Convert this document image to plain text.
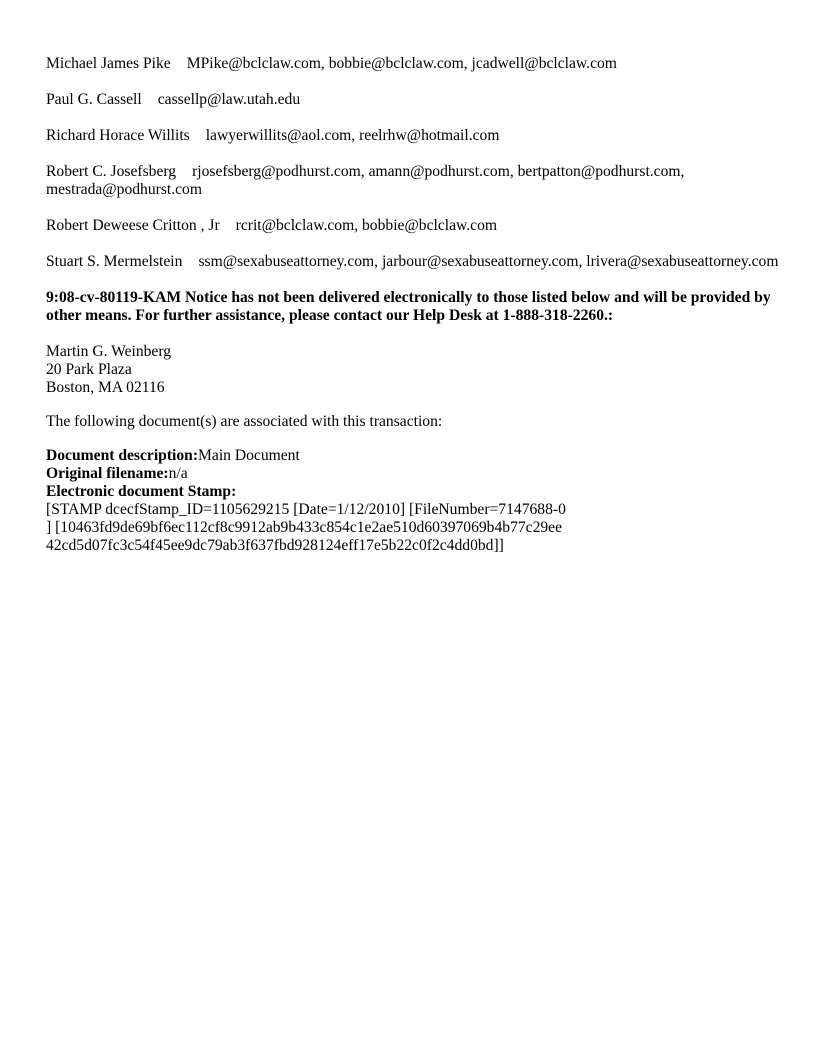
Michael James Pike MPike@bclclaw.com, bobbie@bclclaw.com, jcadwell@bclclaw.com
Paul G. Cassell cassellp@law.utah.edu
Richard Horace Willits lawyerwillits@aol.com, reelrhw@hotmail.com
Robert C. Josefsberg rjosefsberg@podhurst.com, amann@podhurst.com, bertpatton@podhurst.com, mestrada@podhurst.com
Robert Deweese Critton , Jr rcrit@bclclaw.com, bobbie@bclclaw.com
Stuart S. Mermelstein ssm@sexabuseattorney.com, jarbour@sexabuseattorney.com, lrivera@sexabuseattorney.com
9:08-cv-80119-KAM Notice has not been delivered electronically to those listed below and will be provided by other means. For further assistance, please contact our Help Desk at 1-888-318-2260.:
Martin G. Weinberg
20 Park Plaza
Boston, MA 02116
The following document(s) are associated with this transaction:
Document description:Main Document
Original filename:n/a
Electronic document Stamp:
[STAMP dcecfStamp_ID=1105629215 [Date=1/12/2010] [FileNumber=7147688-0
] [10463fd9de69bf6ec112cf8c9912ab9b433c854c1e2ae510d60397069b4b77c29ee
42cd5d07fc3c54f45ee9dc79ab3f637fbd928124eff17e5b22c0f2c4dd0bd]]
